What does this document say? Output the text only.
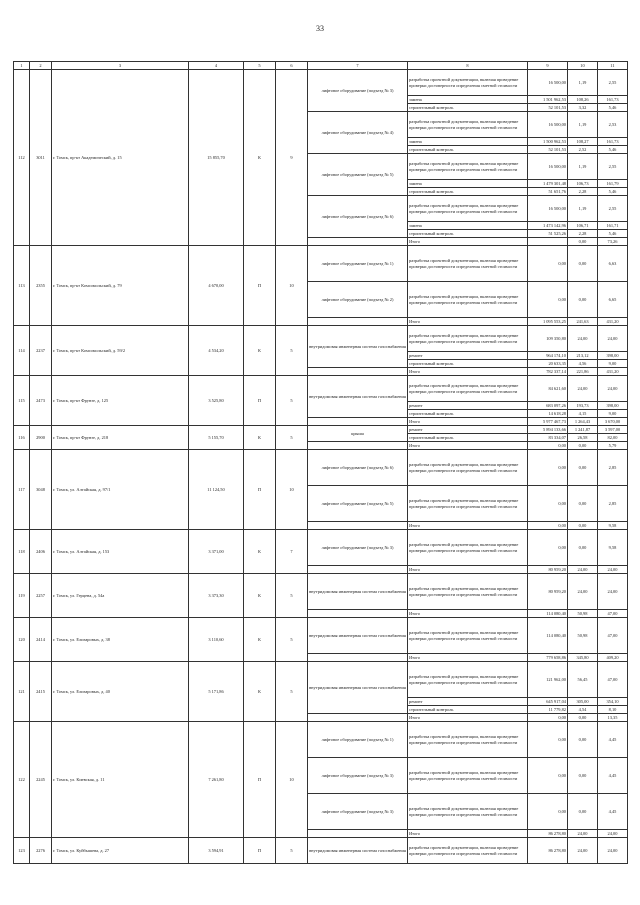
33
1	2	3	4	5	6	7	8	9	10	11
112	3011	г. Томск, пр-кт Академический, д. 15	15 855,70	К	9	лифтовое оборудование (подъезд № 3)	разработка проектной документации, включая проведение проверки достоверности определения сметной стоимости	16 500,00	1,19	2,55
							замена	1 501 962,53	108,26	161,73
							строительный контроль	52 101,53	3,32	5,46
						лифтовое оборудование (подъезд № 4)	разработка проектной документации, включая проведение проверки достоверности определения сметной стоимости	16 500,00	1,19	2,53
							замена	1 500 962,53	108,27	161,73
							строительный контроль	52 101,53	2,52	5,46
						лифтовое оборудование (подъезд № 5)	разработка проектной документации, включая проведение проверки достоверности определения сметной стоимости	16 500,00	1,19	2,55
							замена	1 479 301,48	106,73	161,79
							строительный контроль	51 651,76	2,28	5,46
						лифтовое оборудование (подъезд № 6)	разработка проектной документации, включая проведение проверки достоверности определения сметной стоимости	16 500,00	1,19	2,55
							замена	1 473 142,96	106,71	161,71
							строительный контроль	51 525,26	2,28	5,46
							Итого		0,00	73,26
113	2355	г. Томск, пр-кт Комсомольский, д. 79	4 670,00	П	10	лифтовое оборудование (подъезд № 1)	разработка проектной документации, включая проведение проверки достоверности определения сметной стоимости	0,00	0,00	6,63
						лифтовое оборудование (подъезд № 2)	разработка проектной документации, включая проведение проверки достоверности определения сметной стоимости	0,00	0,00	6,65
							Итого	1 095 553,25	241,63	431,20
114	2237	г. Томск, пр-кт Комсомольский, д. 59/2	4 534,20	К	5	внутридомовая инженерная система газоснабжения	разработка проектной документации, включая проведение проверки достоверности определения сметной стоимости	109 350,80	24,00	24,00
							ремонт	964 174,10	213,12	398,00
							строительный контроль	20 633,35	4,56	9,00
							Итого	782 337,14	221,86	431,20
115	2473	г. Томск, пр-кт Фрунзе, д. 125	3 525,80	П	5	внутридомовая инженерная система газоснабжения	разработка проектной документации, включая проведение проверки достоверности определения сметной стоимости	84 621,60	24,00	24,00
							ремонт	683 097,26	193,73	398,00
							строительный контроль	14 618,28	4,15	9,00
							Итого	5 977 467,73	1 264,43	3 670,00
116	2900	г. Томск, пр-кт Фрунзе, д. 218	5 155,70	К	5	крыша	ремонт	5 894 133,66	1 241,87	3 597,00
							строительный контроль	83 334,07	26,58	82,00
							Итого	0,00	0,00	5,79
117	3048	г. Томск, ул. Алтайская, д. 97/1	11 124,50	П	10	лифтовое оборудование (подъезд № 6)	разработка проектной документации, включая проведение проверки достоверности определения сметной стоимости	0,00	0,00	2,85
						лифтовое оборудование (подъезд № 5)	разработка проектной документации, включая проведение проверки достоверности определения сметной стоимости	0,00	0,00	2,85
							Итого	0,00	0,00	9,58
118	2406	г. Томск, ул. Алтайская, д. 153	3 371,00	К	7	лифтовое оборудование (подъезд № 3)	разработка проектной документации, включая проведение проверки достоверности определения сметной стоимости	0,00	0,00	9,58
							Итого	80 959,20	24,00	24,00
119	2257	г. Томск, ул. Герцена, д. 54а	3 373,30	К	5	внутридомовая инженерная система газоснабжения	разработка проектной документации, включая проведение проверки достоверности определения сметной стоимости	80 959,20	24,00	24,00
							Итого	114 080,40	50,98	47,00
120	2414	г. Томск, ул. Елизаровых, д. 38	3 110,60	К	5	внутридомовая инженерная система газоснабжения	разработка проектной документации, включая проведение проверки достоверности определения сметной стоимости	114 080,40	50,98	47,00
							Итого	779 658,86	345,80	409,20
121	2415	г. Томск, ул. Елизаровых, д. 40	5 171,86	К	5	внутридомовая инженерная система газоснабжения	разработка проектной документации, включая проведение проверки достоверности определения сметной стоимости	121 962,00	56,45	47,00
							ремонт	645 917,04	305,00	354,10
							строительный контроль	11 779,82	4,54	8,10
							Итого	0,00	0,00	13,35
122	2245	г. Томск, ул. Киевская, д. 11	7 261,80	П	10	лифтовое оборудование (подъезд № 1)	разработка проектной документации, включая проведение проверки достоверности определения сметной стоимости	0,00	0,00	4,45
						лифтовое оборудование (подъезд № 3)	разработка проектной документации, включая проведение проверки достоверности определения сметной стоимости	0,00	0,00	4,45
						лифтовое оборудование (подъезд № 3)	разработка проектной документации, включая проведение проверки достоверности определения сметной стоимости	0,00	0,00	4,45
							Итого	86 278,80	24,00	24,00
123	2276	г. Томск, ул. Куйбышева, д. 27	3 594,91	П	5	внутридомовая инженерная система газоснабжения	разработка проектной документации, включая проведение проверки достоверности определения сметной стоимости	86 278,80	24,00	24,00
